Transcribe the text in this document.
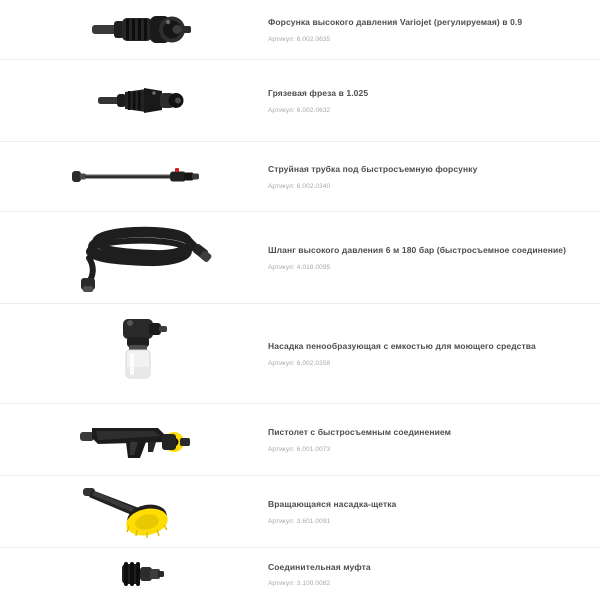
Форсунка высокого давления Variojet (регулируемая) в 0.9

Артикул: 6.002.0635

Грязевая фреза в 1.025

Артикул: 6.002.0632

Струйная трубка под быстросъемную форсунку

Артикул: 6.002.0340

Шланг высокого давления 6 м 180 бар (быстросъемное соединение)

Артикул: 4.018.0095

Насадка пенообразующая с емкостью для моющего средства

Артикул: 6.002.0358

Пистолет с быстросъемным соединением

Артикул: 6.001.0073

Вращающаяся насадка-щетка

Артикул: 3.601.0091

Соединительная муфта

Артикул: 3.100.0082
